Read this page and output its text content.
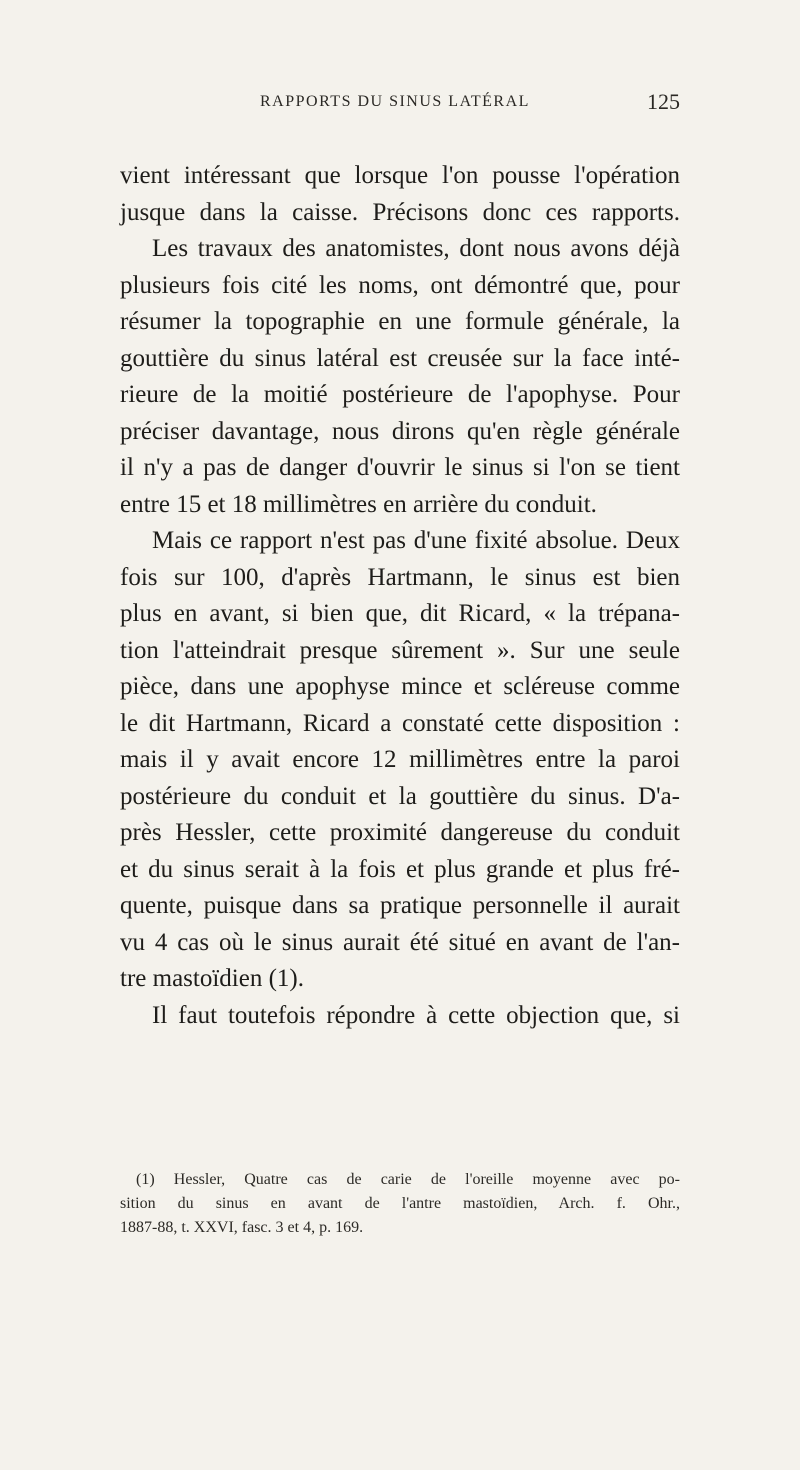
RAPPORTS DU SINUS LATÉRAL	125
vient intéressant que lorsque l'on pousse l'opération
jusque dans la caisse. Précisons donc ces rapports.
Les travaux des anatomistes, dont nous avons déjà
plusieurs fois cité les noms, ont démontré que, pour
résumer la topographie en une formule générale, la
gouttière du sinus latéral est creusée sur la face inté-
rieure de la moitié postérieure de l'apophyse. Pour
préciser davantage, nous dirons qu'en règle générale
il n'y a pas de danger d'ouvrir le sinus si l'on se tient
entre 15 et 18 millimètres en arrière du conduit.
Mais ce rapport n'est pas d'une fixité absolue. Deux
fois sur 100, d'après Hartmann, le sinus est bien
plus en avant, si bien que, dit Ricard, « la trépana-
tion l'atteindrait presque sûrement ». Sur une seule
pièce, dans une apophyse mince et scléreuse comme
le dit Hartmann, Ricard a constaté cette disposition :
mais il y avait encore 12 millimètres entre la paroi
postérieure du conduit et la gouttière du sinus. D'a-
près Hessler, cette proximité dangereuse du conduit
et du sinus serait à la fois et plus grande et plus fré-
quente, puisque dans sa pratique personnelle il aurait
vu 4 cas où le sinus aurait été situé en avant de l'an-
tre mastoïdien (1).
Il faut toutefois répondre à cette objection que, si
(1) Hessler, Quatre cas de carie de l'oreille moyenne avec po-
sition du sinus en avant de l'antre mastoïdien, Arch. f. Ohr.,
1887-88, t. XXVI, fasc. 3 et 4, p. 169.
